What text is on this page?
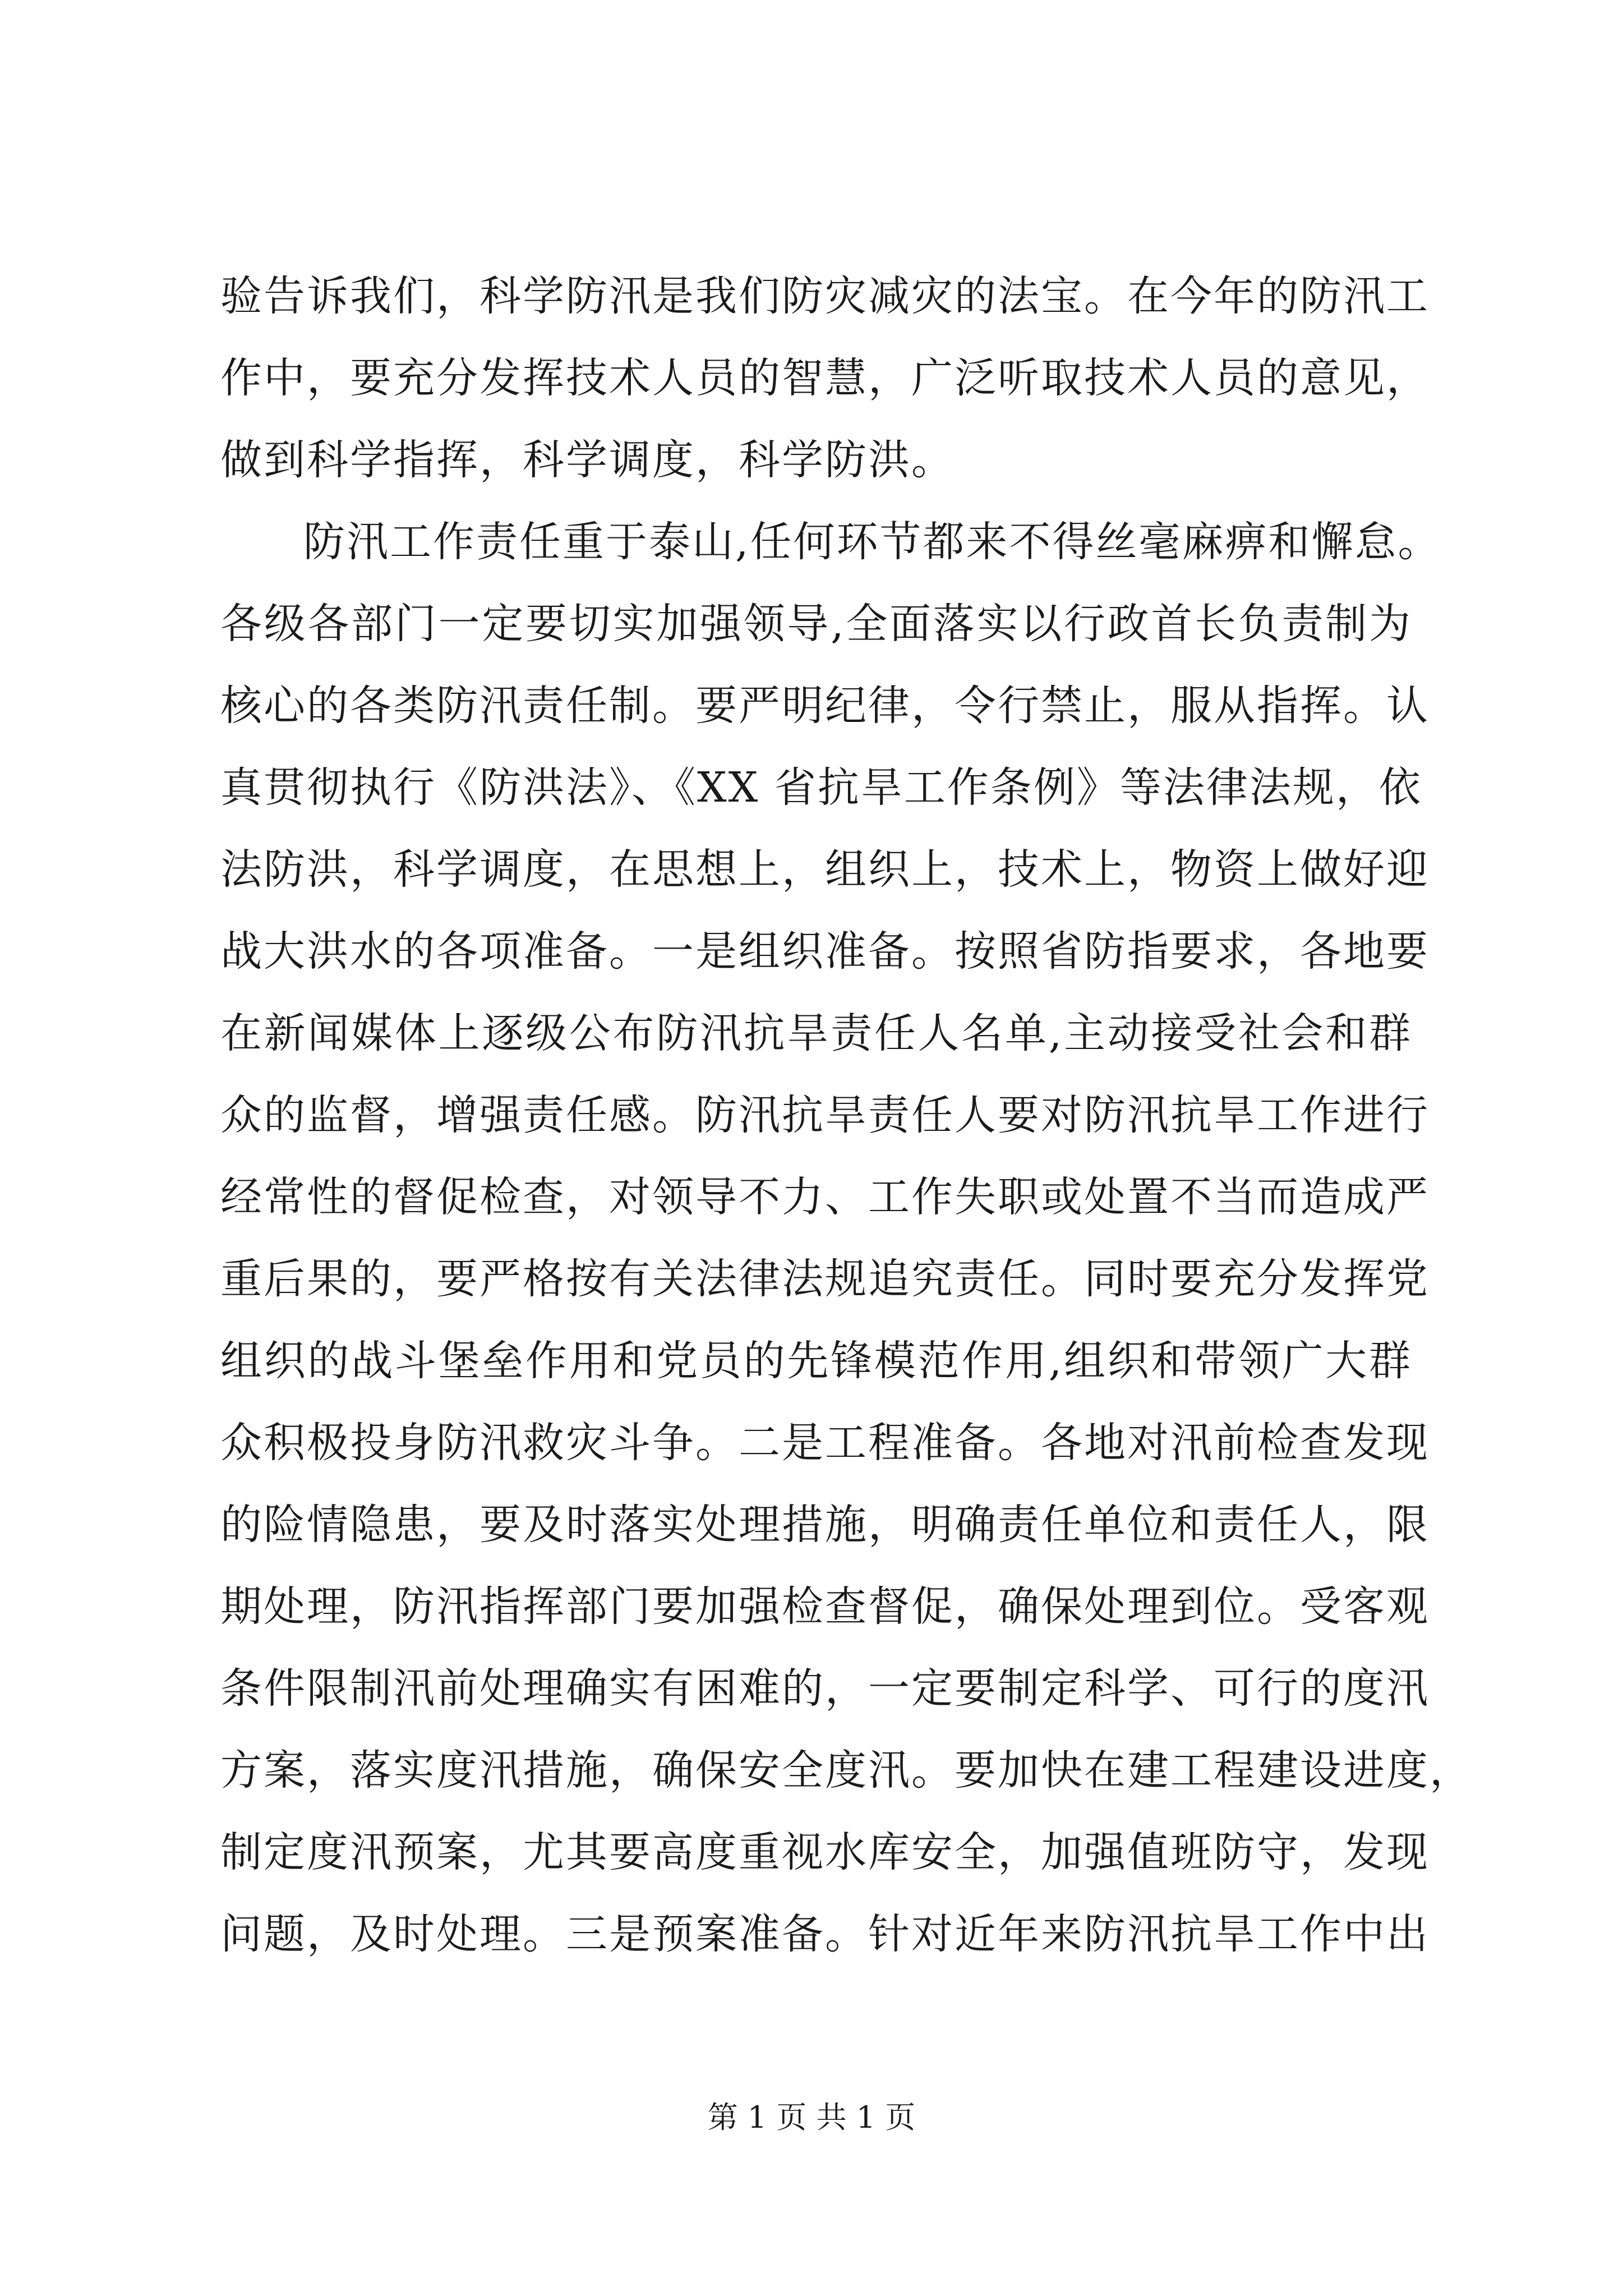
验告诉我们，科学防汛是我们防灾减灾的法宝。在今年的防汛工
作中，要充分发挥技术人员的智慧，广泛听取技术人员的意见，
做到科学指挥，科学调度，科学防洪。
防汛工作责任重于泰山,任何环节都来不得丝毫麻痹和懈怠。
各级各部门一定要切实加强领导,全面落实以行政首长负责制为
核心的各类防汛责任制。要严明纪律，令行禁止，服从指挥。认
真贯彻执行《防洪法》、《XX 省抗旱工作条例》等法律法规，依
法防洪，科学调度，在思想上，组织上，技术上，物资上做好迎
战大洪水的各项准备。一是组织准备。按照省防指要求，各地要
在新闻媒体上逐级公布防汛抗旱责任人名单,主动接受社会和群
众的监督，增强责任感。防汛抗旱责任人要对防汛抗旱工作进行
经常性的督促检查，对领导不力、工作失职或处置不当而造成严
重后果的，要严格按有关法律法规追究责任。同时要充分发挥党
组织的战斗堡垒作用和党员的先锋模范作用,组织和带领广大群
众积极投身防汛救灾斗争。二是工程准备。各地对汛前检查发现
的险情隐患，要及时落实处理措施，明确责任单位和责任人，限
期处理，防汛指挥部门要加强检查督促，确保处理到位。受客观
条件限制汛前处理确实有困难的，一定要制定科学、可行的度汛
方案，落实度汛措施，确保安全度汛。要加快在建工程建设进度，
制定度汛预案，尤其要高度重视水库安全，加强值班防守，发现
问题，及时处理。三是预案准备。针对近年来防汛抗旱工作中出
第 1 页 共 1 页
